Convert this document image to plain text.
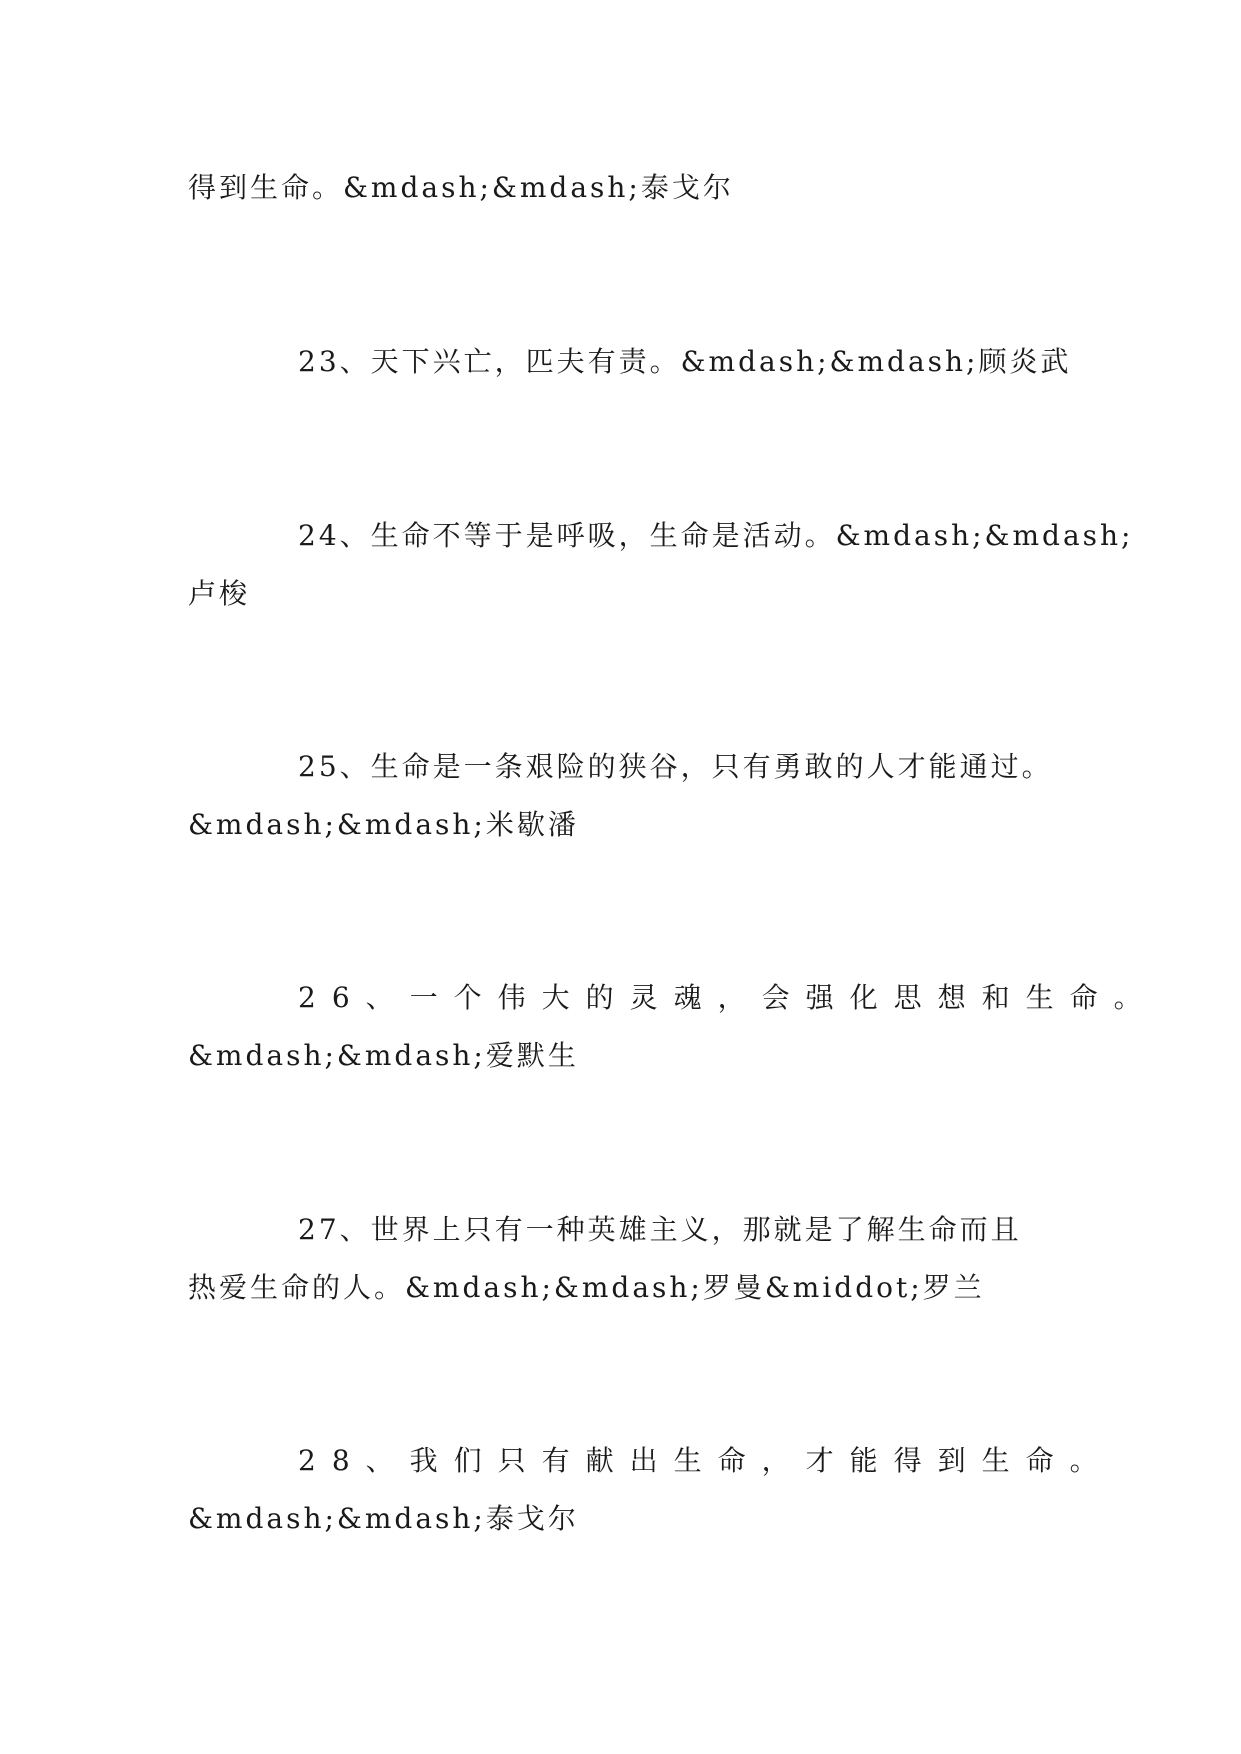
得到生命。&mdash;&mdash;泰戈尔
23、天下兴亡，匹夫有责。&mdash;&mdash;顾炎武
24、生命不等于是呼吸，生命是活动。&mdash;&mdash;
卢梭
25、生命是一条艰险的狭谷，只有勇敢的人才能通过。
&mdash;&mdash;米歇潘
26、一个伟大的灵魂，会强化思想和生命。
&mdash;&mdash;爱默生
27、世界上只有一种英雄主义，那就是了解生命而且
热爱生命的人。&mdash;&mdash;罗曼&middot;罗兰
28、我们只有献出生命，才能得到生命。
&mdash;&mdash;泰戈尔
